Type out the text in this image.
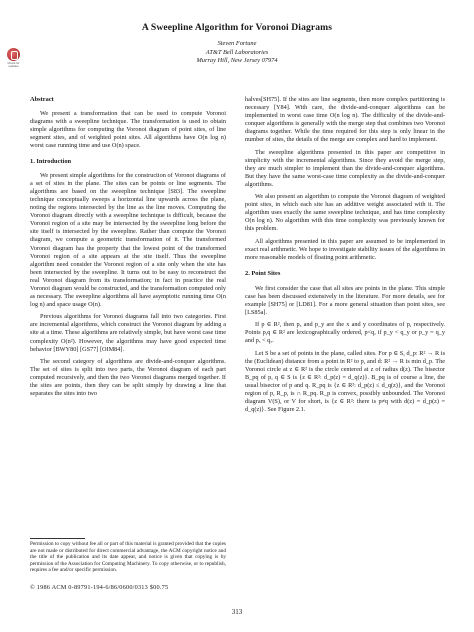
A Sweepline Algorithm for Voronoi Diagrams
Steven Fortune
AT&T Bell Laboratories
Murray Hill, New Jersey 07974
Check for updates
Abstract

We present a transformation that can be used to compute Voronoi diagrams with a sweepline technique. The transformation is used to obtain simple algorithms for computing the Voronoi diagram of point sites, of line segment sites, and of weighted point sites. All algorithms have O(n log n) worst case running time and use O(n) space.

1. Introduction

We present simple algorithms for the construction of Voronoi diagrams of a set of sites in the plane. The sites can be points or line segments. The algorithms are based on the sweepline technique [S83]. The sweepline technique conceptually sweeps a horizontal line upwards across the plane, noting the regions intersected by the line as the line moves. Computing the Voronoi diagram directly with a sweepline technique is difficult, because the Voronoi region of a site may be intersected by the sweepline long before the site itself is intersected by the sweepline. Rather than compute the Voronoi diagram, we compute a geometric transformation of it. The transformed Voronoi diagram has the property that the lowest point of the transformed Voronoi region of a site appears at the site itself. Thus the sweepline algorithm need consider the Voronoi region of a site only when the site has been intersected by the sweepline. It turns out to be easy to reconstruct the real Voronoi diagram from its transformation; in fact in practice the real Voronoi diagram would be constructed, and the transformation computed only as necessary. The sweepline algorithms all have asymptotic running time O(n log n) and space usage O(n).

Previous algorithms for Voronoi diagrams fall into two categories. First are incremental algorithms, which construct the Voronoi diagram by adding a site at a time. These algorithms are relatively simple, but have worst case time complexity O(n²). However, the algorithms may have good expected time behavior [BWY80] [GS77] [OIM84].

The second category of algorithms are divide-and-conquer algorithms. The set of sites is split into two parts, the Voronoi diagram of each part computed recursively, and then the two Voronoi diagrams merged together. If the sites are points, then they can be split simply by drawing a line that separates the sites into two

halves[SH75]. If the sites are line segments, then more complex partitioning is necessary [Y84]. With care, the divide-and-conquer algorithms can be implemented in worst case time O(n log n). The difficulty of the divide-and-conquer algorithms is generally with the merge step that combines two Voronoi diagrams together. While the time required for this step is only linear in the number of sites, the details of the merge are complex and hard to implement.

The sweepline algorithms presented in this paper are competitive in simplicity with the incremental algorithms. Since they avoid the merge step, they are much simpler to implement than the divide-and-conquer algorithms. But they have the same worst-case time complexity as the divide-and-conquer algorithms.

We also present an algorithm to compute the Voronoi diagram of weighted point sites, in which each site has an additive weight associated with it. The algorithm uses exactly the same sweepline technique, and has time complexity O(n log n). No algorithm with this time complexity was previously known for this problem.

All algorithms presented in this paper are assumed to be implemented in exact real arithmetic. We hope to investigate stability issues of the algorithms in more reasonable models of floating point arithmetic.

2. Point Sites

We first consider the case that all sites are points in the plane. This simple case has been discussed extensively in the literature. For more details, see for example [SH75] or [LD81]. For a more general situation than point sites, see [LS85a].

If p ∈ R², then pₓ and p_y are the x and y coordinates of p, respectively. Points p,q ∈ R² are lexicographically ordered, p<q, if p_y < q_y or p_y = q_y and pₓ < qₓ.

Let S be a set of points in the plane, called sites. For p ∈ S, d_p: R² → R is the (Euclidean) distance from a point in R² to p, and d: R² → R is min d_p. The Voronoi circle at z ∈ R² is the circle centered at z of radius d(z). The bisector B_pq of p, q ∈ S is {z ∈ R²: d_p(z) = d_q(z)}. B_pq is of course a line, the usual bisector of p and q. R_pq is {z ∈ R²: d_p(z) ≤ d_q(z)}, and the Voronoi region of p, R_p, is ∩ R_pq. R_p is convex, possibly unbounded. The Voronoi diagram V(S), or V for short, is {z ∈ R²: there is p≠q with d(z) = d_p(z) = d_q(z)}. See Figure 2.1.

Permission to copy without fee all or part of this material is granted provided that the copies are not made or distributed for direct commercial advantage, the ACM copyright notice and the title of the publication and its date appear, and notice is given that copying is by permission of the Association for Computing Machinery. To copy otherwise, or to republish, requires a fee and/or specific permission.
© 1986 ACM 0-89791-194-6/86/0600/0313 $00.75
313
